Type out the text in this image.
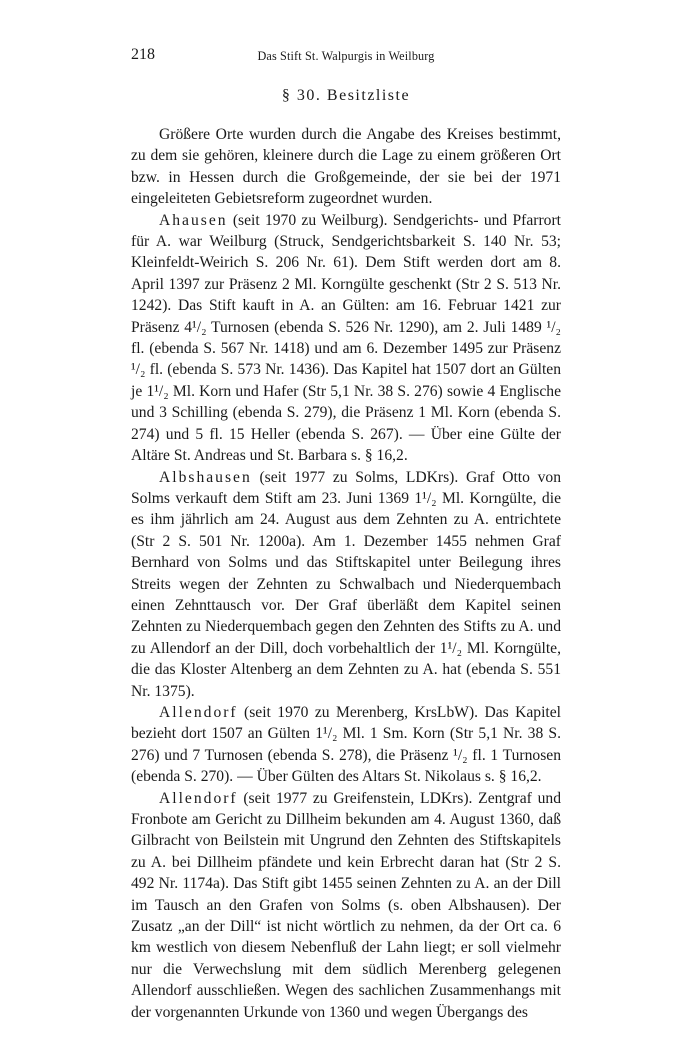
218	Das Stift St. Walpurgis in Weilburg
§ 30. Besitzliste

Größere Orte wurden durch die Angabe des Kreises bestimmt, zu dem sie gehören, kleinere durch die Lage zu einem größeren Ort bzw. in Hessen durch die Großgemeinde, der sie bei der 1971 eingeleiteten Gebietsreform zugeordnet wurden.

Ahausen (seit 1970 zu Weilburg). Sendgerichts- und Pfarrort für A. war Weilburg (Struck, Sendgerichtsbarkeit S. 140 Nr. 53; Kleinfeldt-Weirich S. 206 Nr. 61). Dem Stift werden dort am 8. April 1397 zur Präsenz 2 Ml. Korngülte geschenkt (Str 2 S. 513 Nr. 1242). Das Stift kauft in A. an Gülten: am 16. Februar 1421 zur Präsenz 4¹/₂ Turnosen (ebenda S. 526 Nr. 1290), am 2. Juli 1489 ¹/₂ fl. (ebenda S. 567 Nr. 1418) und am 6. Dezember 1495 zur Präsenz ¹/₂ fl. (ebenda S. 573 Nr. 1436). Das Kapitel hat 1507 dort an Gülten je 1¹/₂ Ml. Korn und Hafer (Str 5,1 Nr. 38 S. 276) sowie 4 Englische und 3 Schilling (ebenda S. 279), die Präsenz 1 Ml. Korn (ebenda S. 274) und 5 fl. 15 Heller (ebenda S. 267). — Über eine Gülte der Altäre St. Andreas und St. Barbara s. § 16,2.

Albshausen (seit 1977 zu Solms, LDKrs). Graf Otto von Solms verkauft dem Stift am 23. Juni 1369 1¹/₂ Ml. Korngülte, die es ihm jährlich am 24. August aus dem Zehnten zu A. entrichtete (Str 2 S. 501 Nr. 1200a). Am 1. Dezember 1455 nehmen Graf Bernhard von Solms und das Stiftskapitel unter Beilegung ihres Streits wegen der Zehnten zu Schwalbach und Niederquembach einen Zehnttausch vor. Der Graf überläßt dem Kapitel seinen Zehnten zu Niederquembach gegen den Zehnten des Stifts zu A. und zu Allendorf an der Dill, doch vorbehaltlich der 1¹/₂ Ml. Korngülte, die das Kloster Altenberg an dem Zehnten zu A. hat (ebenda S. 551 Nr. 1375).

Allendorf (seit 1970 zu Merenberg, KrsLbW). Das Kapitel bezieht dort 1507 an Gülten 1¹/₂ Ml. 1 Sm. Korn (Str 5,1 Nr. 38 S. 276) und 7 Turnosen (ebenda S. 278), die Präsenz ¹/₂ fl. 1 Turnosen (ebenda S. 270). — Über Gülten des Altars St. Nikolaus s. § 16,2.

Allendorf (seit 1977 zu Greifenstein, LDKrs). Zentgraf und Fronbote am Gericht zu Dillheim bekunden am 4. August 1360, daß Gilbracht von Beilstein mit Ungrund den Zehnten des Stiftskapitels zu A. bei Dillheim pfändete und kein Erbrecht daran hat (Str 2 S. 492 Nr. 1174a). Das Stift gibt 1455 seinen Zehnten zu A. an der Dill im Tausch an den Grafen von Solms (s. oben Albshausen). Der Zusatz „an der Dill“ ist nicht wörtlich zu nehmen, da der Ort ca. 6 km westlich von diesem Nebenfluß der Lahn liegt; er soll vielmehr nur die Verwechslung mit dem südlich Merenberg gelegenen Allendorf ausschließen. Wegen des sachlichen Zusammenhangs mit der vorgenannten Urkunde von 1360 und wegen Übergangs des
